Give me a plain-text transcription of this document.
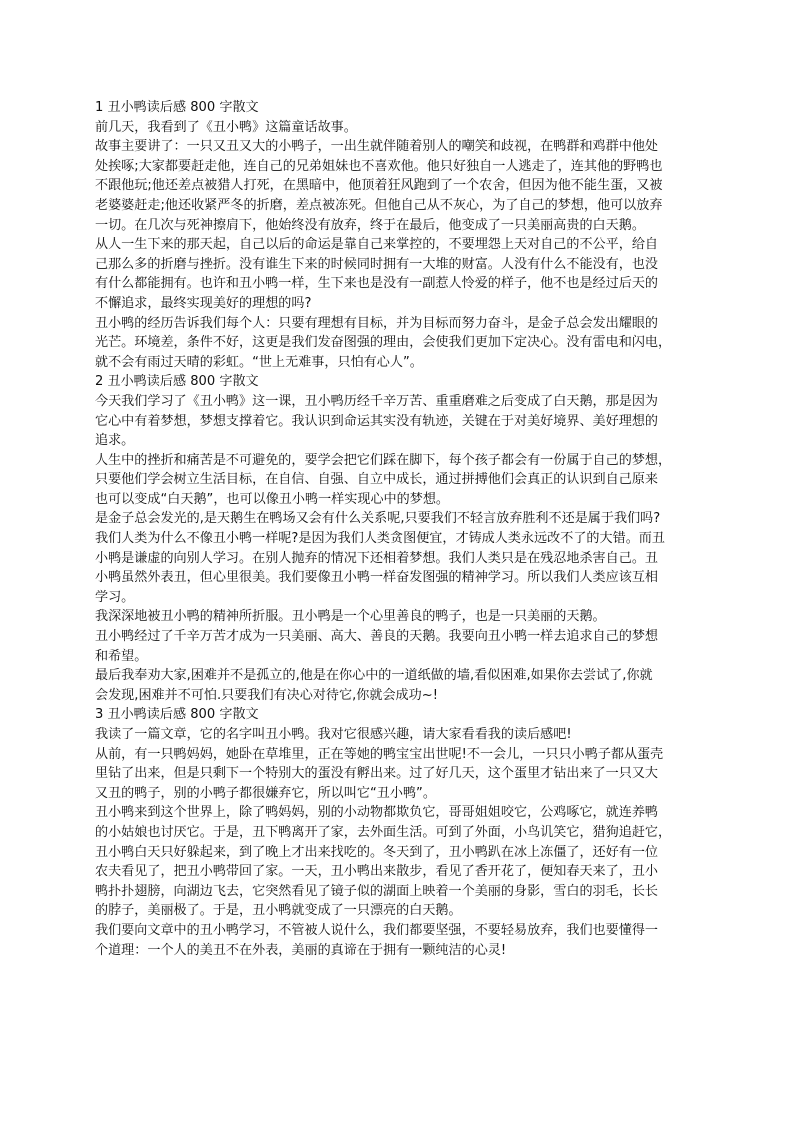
1 丑小鸭读后感 800 字散文
前几天，我看到了《丑小鸭》这篇童话故事。
故事主要讲了：一只又丑又大的小鸭子，一出生就伴随着别人的嘲笑和歧视，在鸭群和鸡群中他处
处挨啄;大家都要赶走他，连自己的兄弟姐妹也不喜欢他。他只好独自一人逃走了，连其他的野鸭也
不跟他玩;他还差点被猎人打死，在黑暗中，他顶着狂风跑到了一个农舍，但因为他不能生蛋，又被
老婆婆赶走;他还收紧严冬的折磨，差点被冻死。但他自己从不灰心，为了自己的梦想，他可以放弃
一切。在几次与死神擦肩下，他始终没有放弃，终于在最后，他变成了一只美丽高贵的白天鹅。
从人一生下来的那天起，自己以后的命运是靠自己来掌控的，不要埋怨上天对自己的不公平，给自
己那么多的折磨与挫折。没有谁生下来的时候同时拥有一大堆的财富。人没有什么不能没有，也没
有什么都能拥有。也许和丑小鸭一样，生下来也是没有一副惹人怜爱的样子，他不也是经过后天的
不懈追求，最终实现美好的理想的吗?
丑小鸭的经历告诉我们每个人：只要有理想有目标，并为目标而努力奋斗，是金子总会发出耀眼的
光芒。环境差，条件不好，这更是我们发奋图强的理由，会使我们更加下定决心。没有雷电和闪电，
就不会有雨过天晴的彩虹。“世上无难事，只怕有心人”。
2 丑小鸭读后感 800 字散文
今天我们学习了《丑小鸭》这一课，丑小鸭历经千辛万苦、重重磨难之后变成了白天鹅，那是因为
它心中有着梦想，梦想支撑着它。我认识到命运其实没有轨迹，关键在于对美好境界、美好理想的
追求。
人生中的挫折和痛苦是不可避免的，要学会把它们踩在脚下，每个孩子都会有一份属于自己的梦想，
只要他们学会树立生活目标，在自信、自强、自立中成长，通过拼搏他们会真正的认识到自己原来
也可以变成“白天鹅”，也可以像丑小鸭一样实现心中的梦想。
是金子总会发光的,是天鹅生在鸭场又会有什么关系呢,只要我们不轻言放弃胜利不还是属于我们吗?
我们人类为什么不像丑小鸭一样呢?是因为我们人类贪图便宜，才铸成人类永远改不了的大错。而丑
小鸭是谦虚的向别人学习。在别人抛弃的情况下还相着梦想。我们人类只是在残忍地杀害自己。丑
小鸭虽然外表丑，但心里很美。我们要像丑小鸭一样奋发图强的精神学习。所以我们人类应该互相
学习。
我深深地被丑小鸭的精神所折服。丑小鸭是一个心里善良的鸭子，也是一只美丽的天鹅。
丑小鸭经过了千辛万苦才成为一只美丽、高大、善良的天鹅。我要向丑小鸭一样去追求自己的梦想
和希望。
最后我奉劝大家,困难并不是孤立的,他是在你心中的一道纸做的墙,看似困难,如果你去尝试了,你就
会发现,困难并不可怕.只要我们有决心对待它,你就会成功~!
3 丑小鸭读后感 800 字散文
我读了一篇文章，它的名字叫丑小鸭。我对它很感兴趣，请大家看看我的读后感吧!
从前，有一只鸭妈妈，她卧在草堆里，正在等她的鸭宝宝出世呢!不一会儿，一只只小鸭子都从蛋壳
里钻了出来，但是只剩下一个特别大的蛋没有孵出来。过了好几天，这个蛋里才钻出来了一只又大
又丑的鸭子，别的小鸭子都很嫌弃它，所以叫它“丑小鸭”。
丑小鸭来到这个世界上，除了鸭妈妈，别的小动物都欺负它，哥哥姐姐咬它，公鸡啄它，就连养鸭
的小姑娘也讨厌它。于是，丑下鸭离开了家，去外面生活。可到了外面，小鸟讥笑它，猎狗追赶它，
丑小鸭白天只好躲起来，到了晚上才出来找吃的。冬天到了，丑小鸭趴在冰上冻僵了，还好有一位
农夫看见了，把丑小鸭带回了家。一天，丑小鸭出来散步，看见了香开花了，便知春天来了，丑小
鸭扑扑翅膀，向湖边飞去，它突然看见了镜子似的湖面上映着一个美丽的身影，雪白的羽毛，长长
的脖子，美丽极了。于是，丑小鸭就变成了一只漂亮的白天鹅。
我们要向文章中的丑小鸭学习，不管被人说什么，我们都要坚强，不要轻易放弃，我们也要懂得一
个道理：一个人的美丑不在外表，美丽的真谛在于拥有一颗纯洁的心灵!
